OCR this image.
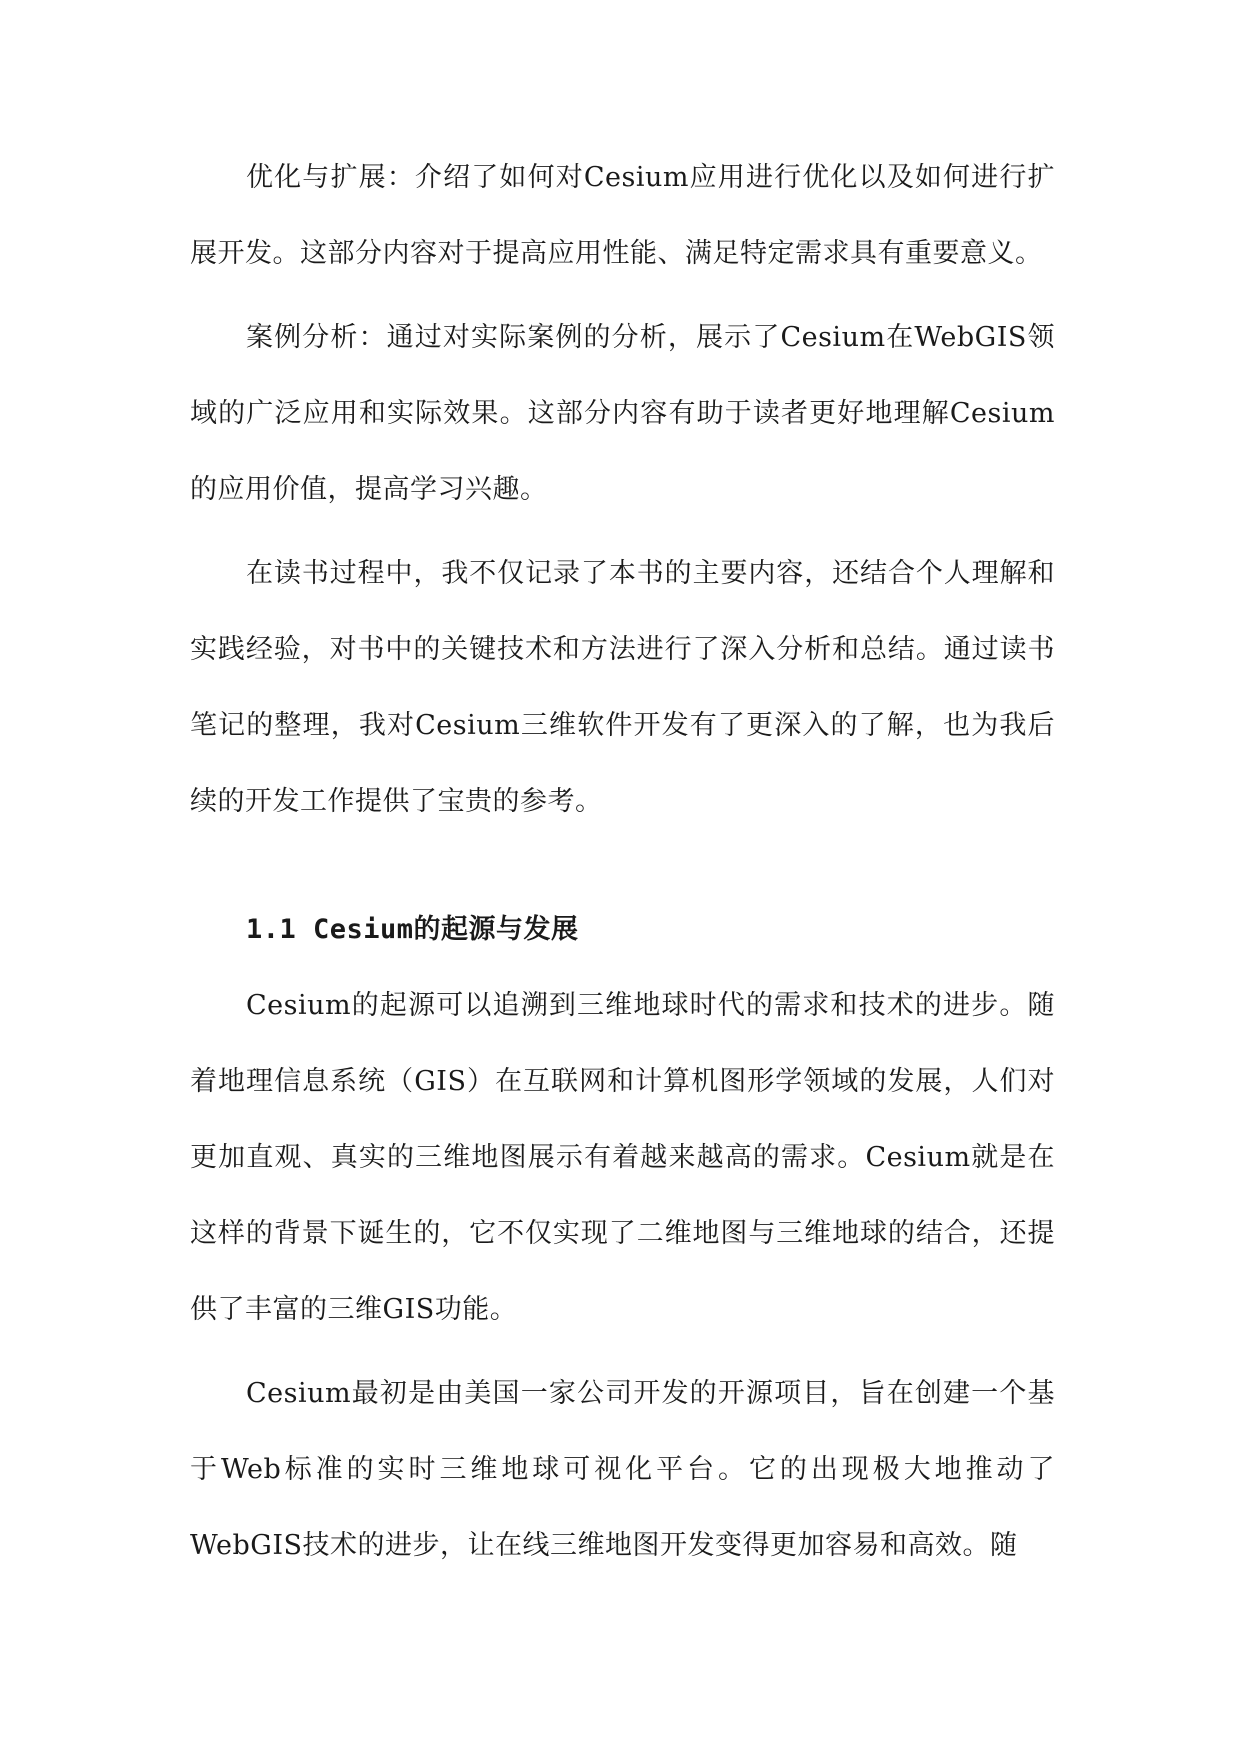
优化与扩展：介绍了如何对Cesium应用进行优化以及如何进行扩展开发。这部分内容对于提高应用性能、满足特定需求具有重要意义。

案例分析：通过对实际案例的分析，展示了Cesium在WebGIS领域的广泛应用和实际效果。这部分内容有助于读者更好地理解Cesium的应用价值，提高学习兴趣。

在读书过程中，我不仅记录了本书的主要内容，还结合个人理解和实践经验，对书中的关键技术和方法进行了深入分析和总结。通过读书笔记的整理，我对Cesium三维软件开发有了更深入的了解，也为我后续的开发工作提供了宝贵的参考。

1.1 Cesium的起源与发展

Cesium的起源可以追溯到三维地球时代的需求和技术的进步。随着地理信息系统（GIS）在互联网和计算机图形学领域的发展，人们对更加直观、真实的三维地图展示有着越来越高的需求。Cesium就是在这样的背景下诞生的，它不仅实现了二维地图与三维地球的结合，还提供了丰富的三维GIS功能。

Cesium最初是由美国一家公司开发的开源项目，旨在创建一个基于Web标准的实时三维地球可视化平台。它的出现极大地推动了WebGIS技术的进步，让在线三维地图开发变得更加容易和高效。随
